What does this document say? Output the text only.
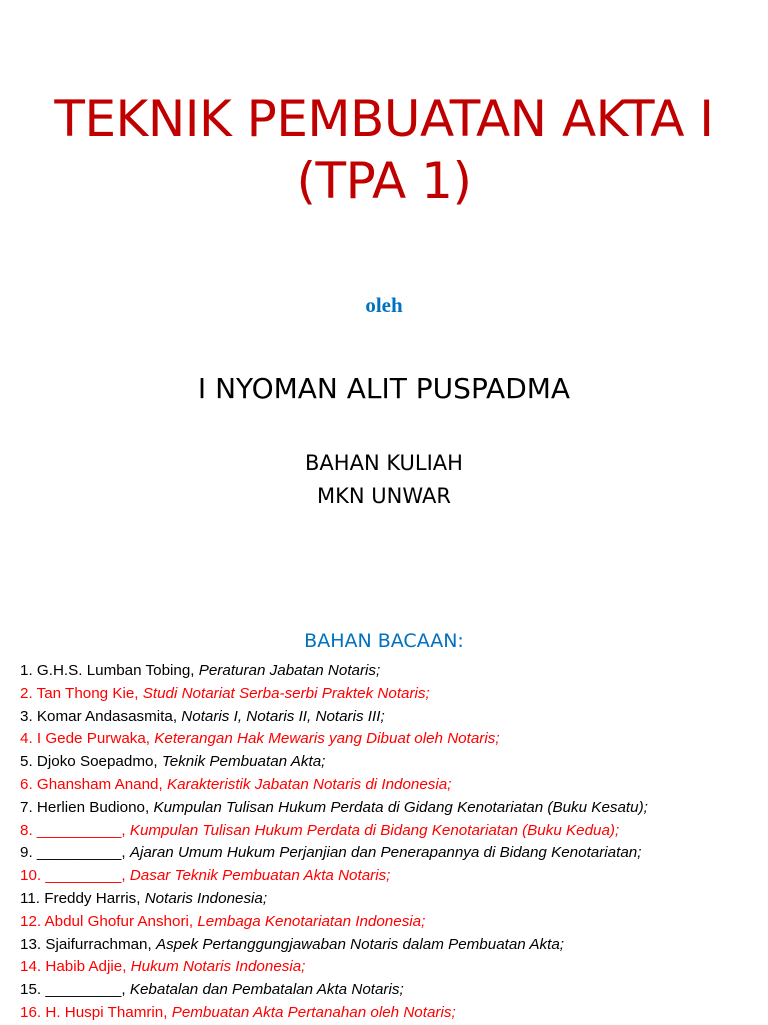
TEKNIK PEMBUATAN AKTA I
(TPA 1)
oleh
I NYOMAN ALIT PUSPADMA
BAHAN KULIAH
MKN UNWAR
BAHAN BACAAN:
1. G.H.S. Lumban Tobing, Peraturan Jabatan Notaris;
2. Tan Thong Kie, Studi Notariat Serba-serbi Praktek Notaris;
3. Komar Andasasmita, Notaris I, Notaris II, Notaris III;
4. I Gede Purwaka, Keterangan Hak Mewaris yang Dibuat oleh Notaris;
5. Djoko Soepadmo, Teknik Pembuatan Akta;
6. Ghansham Anand, Karakteristik Jabatan Notaris di Indonesia;
7. Herlien Budiono, Kumpulan Tulisan Hukum Perdata di Gidang Kenotariatan (Buku Kesatu);
8. __________, Kumpulan Tulisan Hukum Perdata di Bidang Kenotariatan (Buku Kedua);
9. __________, Ajaran Umum Hukum Perjanjian dan Penerapannya di Bidang Kenotariatan;
10. _________, Dasar Teknik Pembuatan Akta Notaris;
11. Freddy Harris, Notaris Indonesia;
12. Abdul Ghofur Anshori, Lembaga Kenotariatan Indonesia;
13. Sjaifurrachman, Aspek Pertanggungjawaban Notaris dalam Pembuatan Akta;
14. Habib Adjie, Hukum Notaris Indonesia;
15. _________, Kebatalan dan Pembatalan Akta Notaris;
16. H. Huspi Thamrin, Pembuatan Akta Pertanahan oleh Notaris;
